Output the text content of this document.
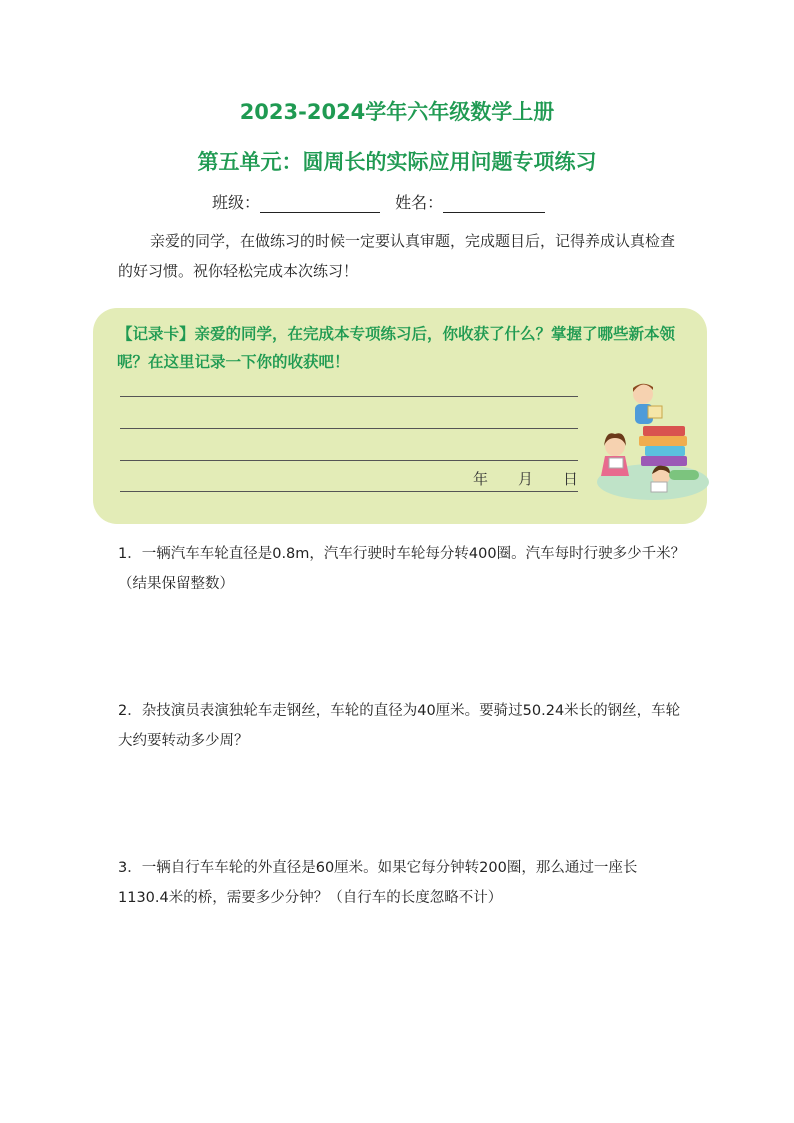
2023-2024学年六年级数学上册
第五单元：圆周长的实际应用问题专项练习
班级：	姓名：
亲爱的同学，在做练习的时候一定要认真审题，完成题目后，记得养成认真检查的好习惯。祝你轻松完成本次练习！
【记录卡】亲爱的同学，在完成本专项练习后，你收获了什么？掌握了哪些新本领呢？在这里记录一下你的收获吧！
年 月 日
1．一辆汽车车轮直径是0.8m，汽车行驶时车轮每分转400圈。汽车每时行驶多少千米？（结果保留整数）
2．杂技演员表演独轮车走钢丝，车轮的直径为40厘米。要骑过50.24米长的钢丝，车轮大约要转动多少周？
3．一辆自行车车轮的外直径是60厘米。如果它每分钟转200圈，那么通过一座长1130.4米的桥，需要多少分钟？（自行车的长度忽略不计）
